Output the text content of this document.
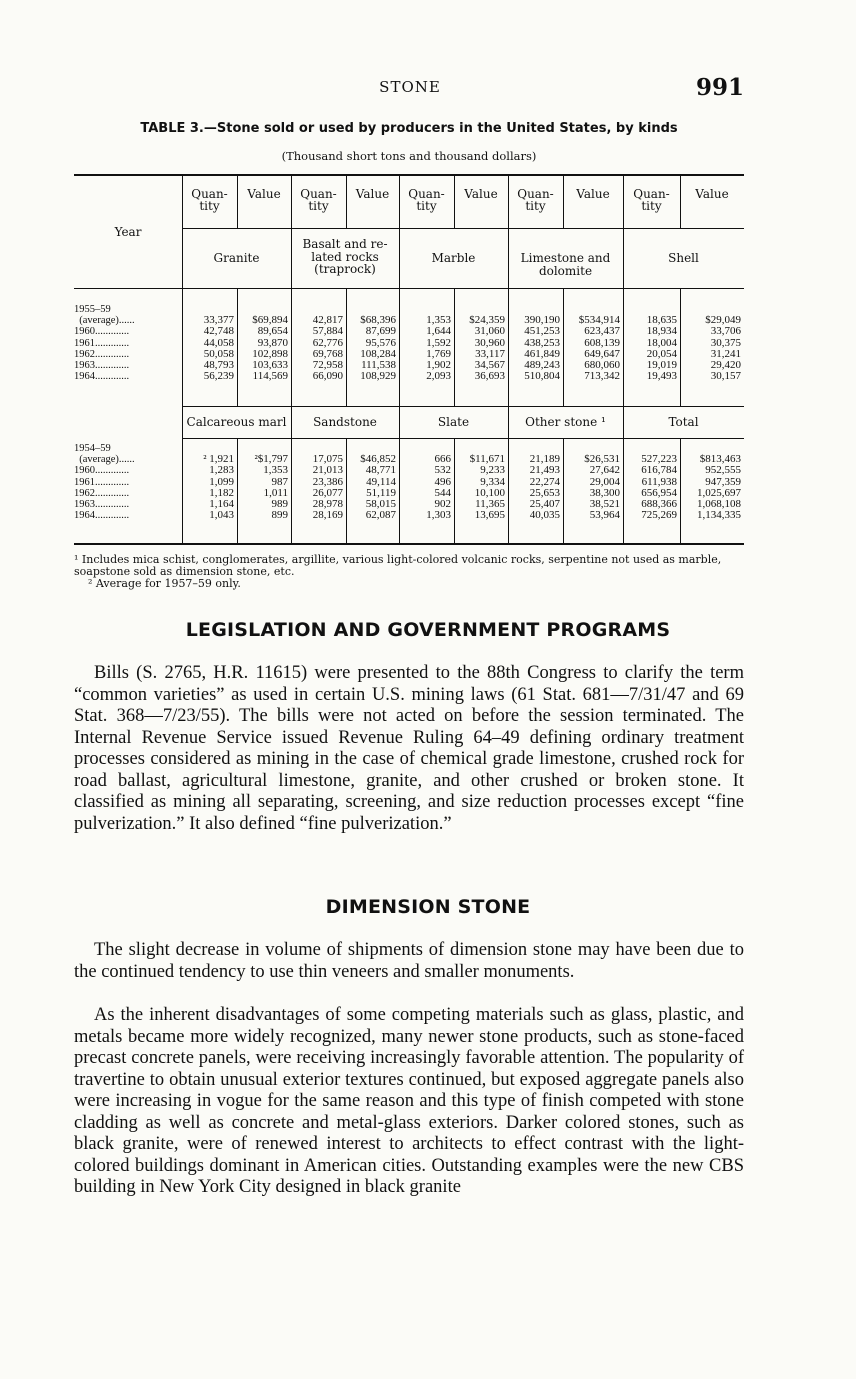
STONE	991
TABLE 3.—Stone sold or used by producers in the United States, by kinds
(Thousand short tons and thousand dollars)
Year
Quan-
tity
Value
Granite
Calcareous marl
Quan-
tity
Value
Basalt and re-
lated rocks
(traprock)
Sandstone
Quan-
tity
Value
Marble
Slate
Quan-
tity
Value
Limestone and
dolomite
Other stone ¹
Quan-
tity
Value
Shell
Total
1955–59
(average)......
1960.............
1961.............
1962.............
1963.............
1964.............

33,377
42,748
44,058
50,058
48,793
56,239

$69,894
89,654
93,870
102,898
103,633
114,569

42,817
57,884
62,776
69,768
72,958
66,090

$68,396
87,699
95,576
108,284
111,538
108,929

1,353
1,644
1,592
1,769
1,902
2,093

$24,359
31,060
30,960
33,117
34,567
36,693

390,190
451,253
438,253
461,849
489,243
510,804

$534,914
623,437
608,139
649,647
680,060
713,342

18,635
18,934
18,004
20,054
19,019
19,493

$29,049
33,706
30,375
31,241
29,420
30,157
1954–59
(average)......
1960.............
1961.............
1962.............
1963.............
1964.............

² 1,921
1,283
1,099
1,182
1,164
1,043

²$1,797
1,353
987
1,011
989
899

17,075
21,013
23,386
26,077
28,978
28,169

$46,852
48,771
49,114
51,119
58,015
62,087

666
532
496
544
902
1,303

$11,671
9,233
9,334
10,100
11,365
13,695

21,189
21,493
22,274
25,653
25,407
40,035

$26,531
27,642
29,004
38,300
38,521
53,964

527,223
616,784
611,938
656,954
688,366
725,269

$813,463
952,555
947,359
1,025,697
1,068,108
1,134,335
¹ Includes mica schist, conglomerates, argillite, various light-colored volcanic rocks, serpentine not used as marble, soapstone sold as dimension stone, etc.
² Average for 1957–59 only.
LEGISLATION AND GOVERNMENT PROGRAMS
Bills (S. 2765, H.R. 11615) were presented to the 88th Congress to clarify the term “common varieties” as used in certain U.S. mining laws (61 Stat. 681—7/31/47 and 69 Stat. 368—7/23/55). The bills were not acted on before the session terminated. The Internal Revenue Service issued Revenue Ruling 64–49 defining ordinary treatment processes considered as mining in the case of chemical grade limestone, crushed rock for road ballast, agricultural limestone, granite, and other crushed or broken stone. It classified as mining all separating, screening, and size reduction processes except “fine pulverization.” It also defined “fine pulverization.”
DIMENSION STONE
The slight decrease in volume of shipments of dimension stone may have been due to the continued tendency to use thin veneers and smaller monuments.
As the inherent disadvantages of some competing materials such as glass, plastic, and metals became more widely recognized, many newer stone products, such as stone-faced precast concrete panels, were receiving increasingly favorable attention. The popularity of travertine to obtain unusual exterior textures continued, but exposed aggregate panels also were increasing in vogue for the same reason and this type of finish competed with stone cladding as well as concrete and metal-glass exteriors. Darker colored stones, such as black granite, were of renewed interest to architects to effect contrast with the light-colored buildings dominant in American cities. Outstanding examples were the new CBS building in New York City designed in black granite
